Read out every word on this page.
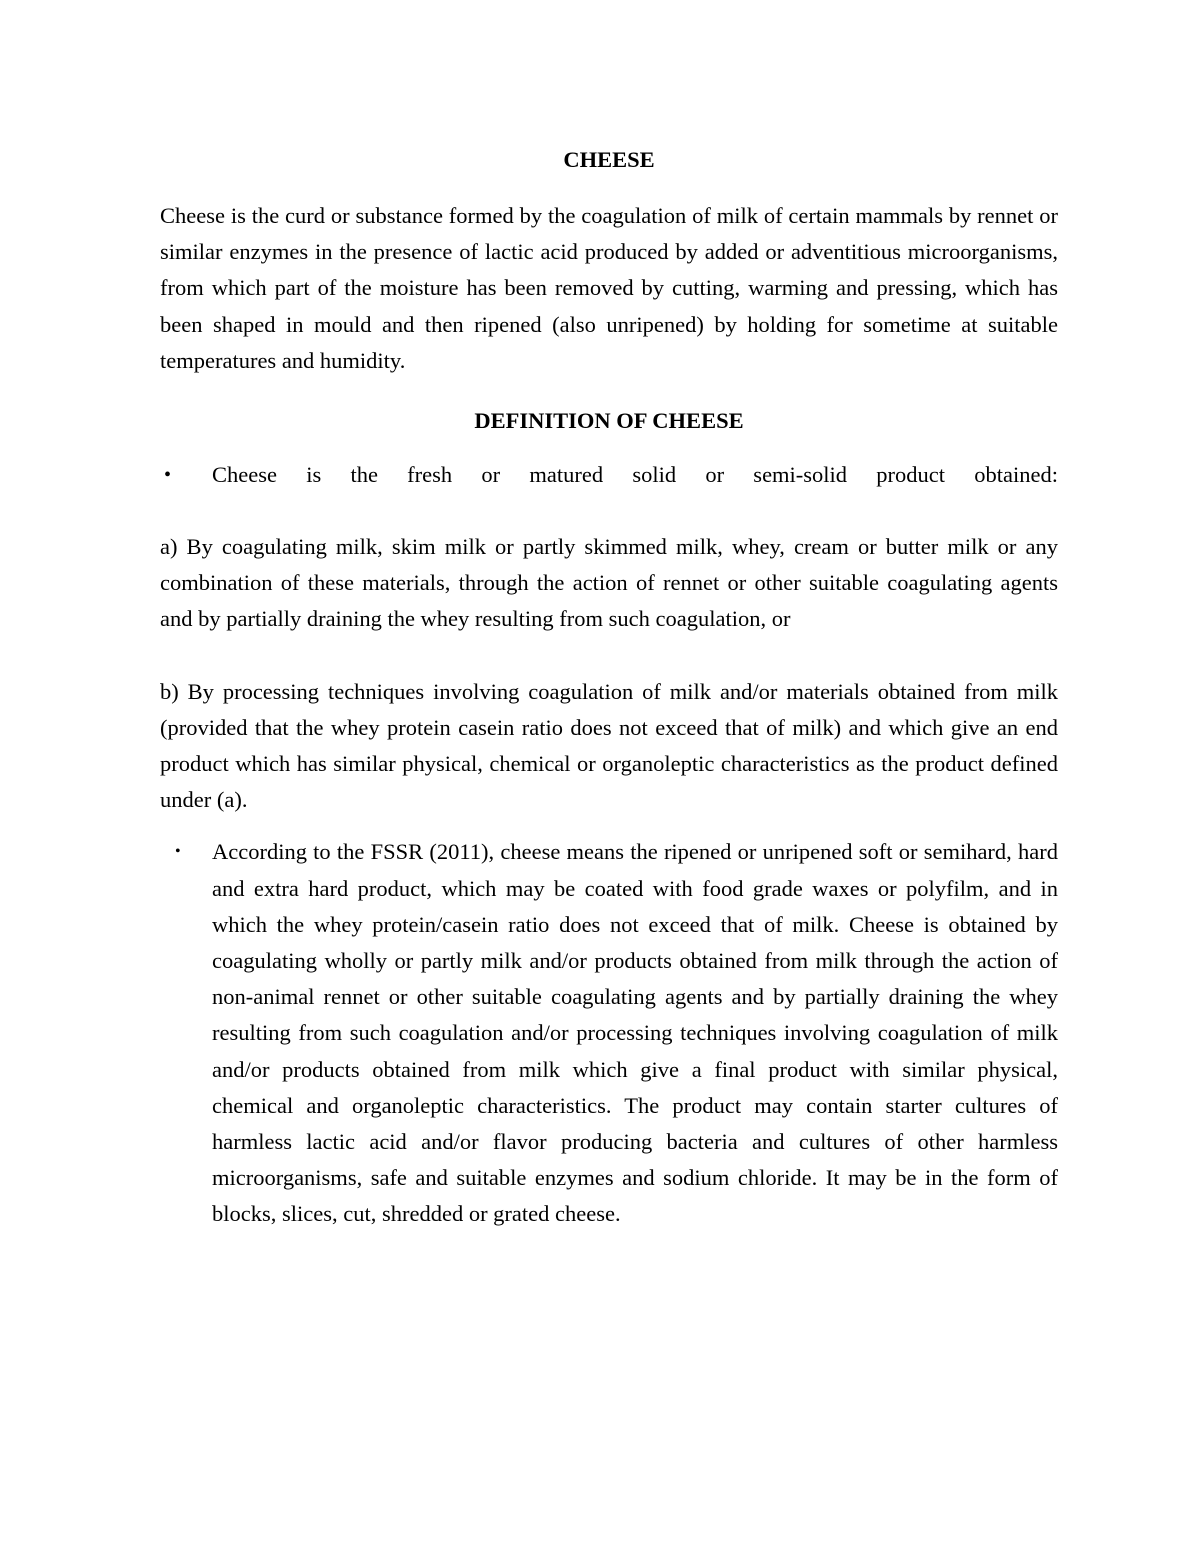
CHEESE

Cheese is the curd or substance formed by the coagulation of milk of certain mammals by rennet or similar enzymes in the presence of lactic acid produced by added or adventitious microorganisms, from which part of the moisture has been removed by cutting, warming and pressing, which has been shaped in mould and then ripened (also unripened) by holding for sometime at suitable temperatures and humidity.

DEFINITION OF CHEESE
• Cheese is the fresh or matured solid or semi-solid product obtained:

a) By coagulating milk, skim milk or partly skimmed milk, whey, cream or butter milk or any combination of these materials, through the action of rennet or other suitable coagulating agents and by partially draining the whey resulting from such coagulation, or

b) By processing techniques involving coagulation of milk and/or materials obtained from milk (provided that the whey protein casein ratio does not exceed that of milk) and which give an end product which has similar physical, chemical or organoleptic characteristics as the product defined under (a).

• According to the FSSR (2011), cheese means the ripened or unripened soft or semihard, hard and extra hard product, which may be coated with food grade waxes or polyfilm, and in which the whey protein/casein ratio does not exceed that of milk. Cheese is obtained by coagulating wholly or partly milk and/or products obtained from milk through the action of non-animal rennet or other suitable coagulating agents and by partially draining the whey resulting from such coagulation and/or processing techniques involving coagulation of milk and/or products obtained from milk which give a final product with similar physical, chemical and organoleptic characteristics. The product may contain starter cultures of harmless lactic acid and/or flavor producing bacteria and cultures of other harmless microorganisms, safe and suitable enzymes and sodium chloride. It may be in the form of blocks, slices, cut, shredded or grated cheese.
